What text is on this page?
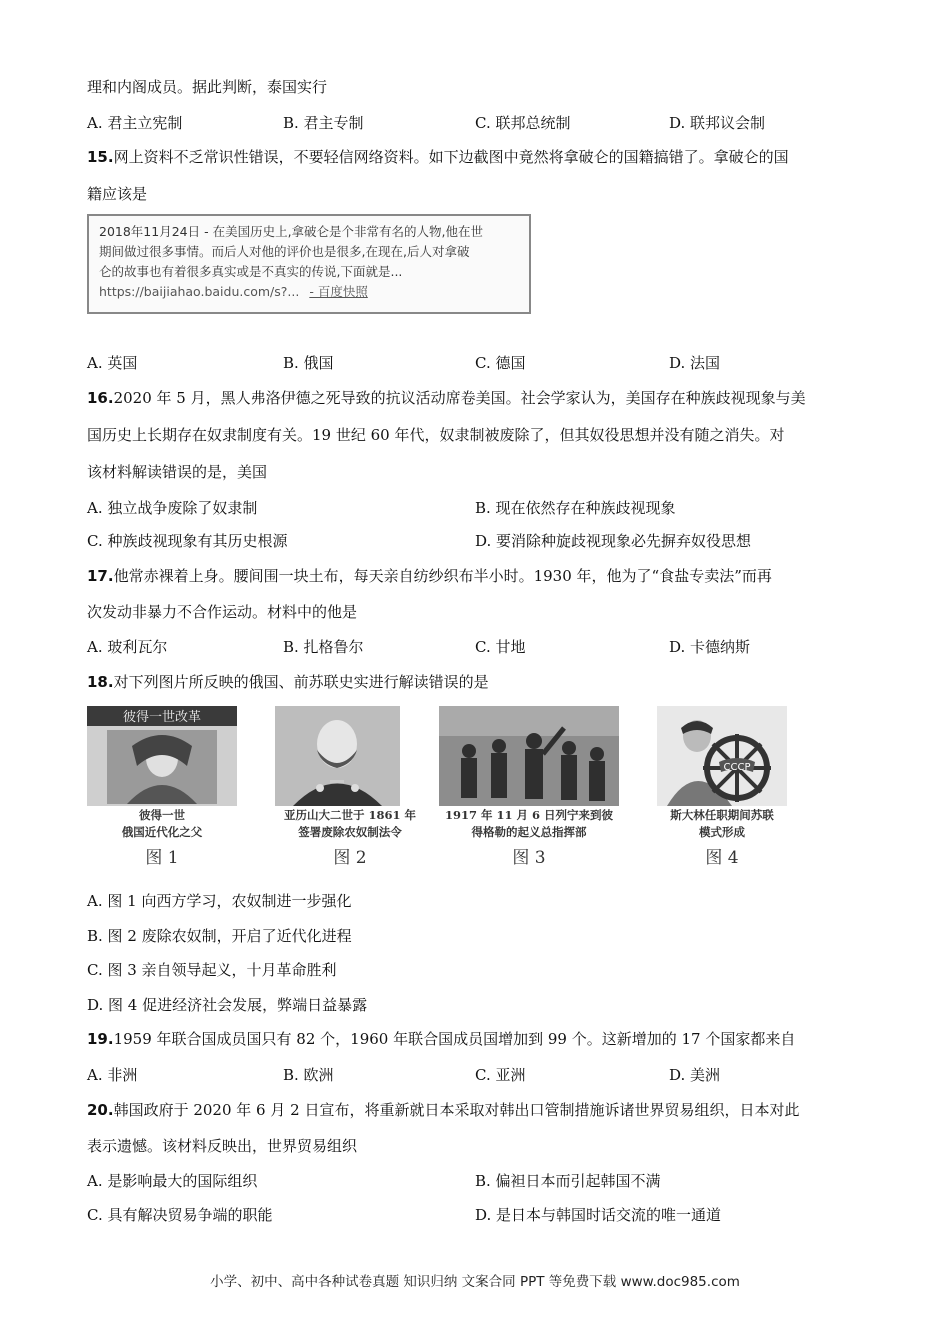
理和内阁成员。据此判断，泰国实行
A. 君主立宪制	B. 君主专制	C. 联邦总统制	D. 联邦议会制
15.网上资料不乏常识性错误，不要轻信网络资料。如下边截图中竟然将拿破仑的国籍搞错了。拿破仑的国
籍应该是
2018年11月24日 - 在美国历史上,拿破仑是个非常有名的人物,他在世
期间做过很多事情。而后人对他的评价也是很多,在现在,后人对拿破
仑的故事也有着很多真实或是不真实的传说,下面就是...
https://baijiahao.baidu.com/s?... - 百度快照
A. 英国	B. 俄国	C. 德国	D. 法国
16.2020 年 5 月，黑人弗洛伊德之死导致的抗议活动席卷美国。社会学家认为，美国存在种族歧视现象与美
国历史上长期存在奴隶制度有关。19 世纪 60 年代，奴隶制被废除了，但其奴役思想并没有随之消失。对
该材料解读错误的是，美国
A. 独立战争废除了奴隶制	B. 现在依然存在种族歧视现象
C. 种族歧视现象有其历史根源	D. 要消除种旋歧视现象必先摒弃奴役思想
17.他常赤裸着上身。腰间围一块土布，每天亲自纺纱织布半小时。1930 年，他为了“食盐专卖法”而再
次发动非暴力不合作运动。材料中的他是
A. 玻利瓦尔	B. 扎格鲁尔	C. 甘地	D. 卡德纳斯
18.对下列图片所反映的俄国、前苏联史实进行解读错误的是
彼得一世改革
彼得一世
俄国近代化之父
图 1
亚历山大二世于 1861 年
签署废除农奴制法令
图 2
1917 年 11 月 6 日列宁来到彼
得格勒的起义总指挥部
图 3
CCCP
斯大林任职期间苏联
模式形成
图 4
A. 图 1 向西方学习，农奴制进一步强化
B. 图 2 废除农奴制，开启了近代化进程
C. 图 3 亲自领导起义，十月革命胜利
D. 图 4 促进经济社会发展，弊端日益暴露
19.1959 年联合国成员国只有 82 个，1960 年联合国成员国增加到 99 个。这新增加的 17 个国家都来自
A. 非洲	B. 欧洲	C. 亚洲	D. 美洲
20.韩国政府于 2020 年 6 月 2 日宣布，将重新就日本采取对韩出口管制措施诉诸世界贸易组织，日本对此
表示遗憾。该材料反映出，世界贸易组织
A. 是影响最大的国际组织	B. 偏袒日本而引起韩国不满
C. 具有解决贸易争端的职能	D. 是日本与韩国时话交流的唯一通道
小学、初中、高中各种试卷真题 知识归纳 文案合同 PPT 等免费下载 www.doc985.com
